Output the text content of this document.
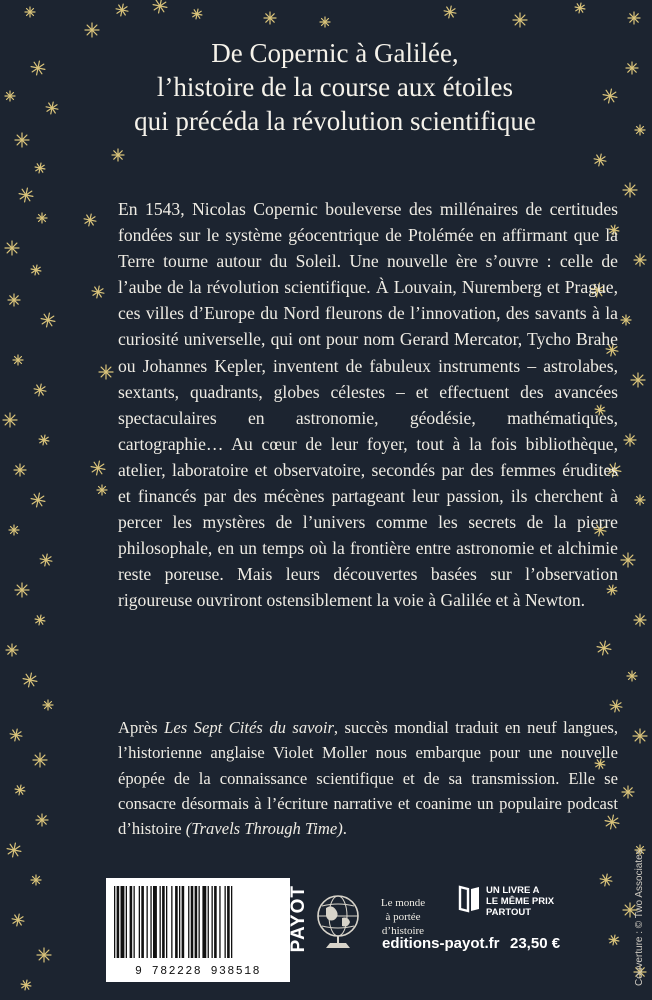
De Copernic à Galilée,
l’histoire de la course aux étoiles
qui précéda la révolution scientifique

En 1543, Nicolas Copernic bouleverse des millénaires de certitudes fondées sur le système géocentrique de Ptolémée en affirmant que la Terre tourne autour du Soleil. Une nouvelle ère s’ouvre : celle de l’aube de la révolution scientifique. À Louvain, Nuremberg et Prague, ces villes d’Europe du Nord fleurons de l’innovation, des savants à la curiosité universelle, qui ont pour nom Gerard Mercator, Tycho Brahe ou Johannes Kepler, inventent de fabuleux instruments – astrolabes, sextants, quadrants, globes célestes – et effectuent des avancées spectaculaires en astronomie, géodésie, mathématiques, cartographie… Au cœur de leur foyer, tout à la fois bibliothèque, atelier, laboratoire et observatoire, secondés par des femmes érudites et financés par des mécènes partageant leur passion, ils cherchent à percer les mystères de l’univers comme les secrets de la pierre philosophale, en un temps où la frontière entre astronomie et alchimie reste poreuse. Mais leurs découvertes basées sur l’observation rigoureuse ouvriront ostensiblement la voie à Galilée et à Newton.

Après Les Sept Cités du savoir, succès mondial traduit en neuf langues, l’historienne anglaise Violet Moller nous embarque pour une nouvelle épopée de la connaissance scientifique et de sa transmission. Elle se consacre désormais à l’écriture narrative et coanime un populaire podcast d’histoire (Travels Through Time).

Couverture : © Two Associates
9 782228 938518
PAYOT	Le monde
à portée
d’histoire
UN LIVRE A
LE MÊME PRIX
PARTOUT
editions-payot.fr 23,50 €
